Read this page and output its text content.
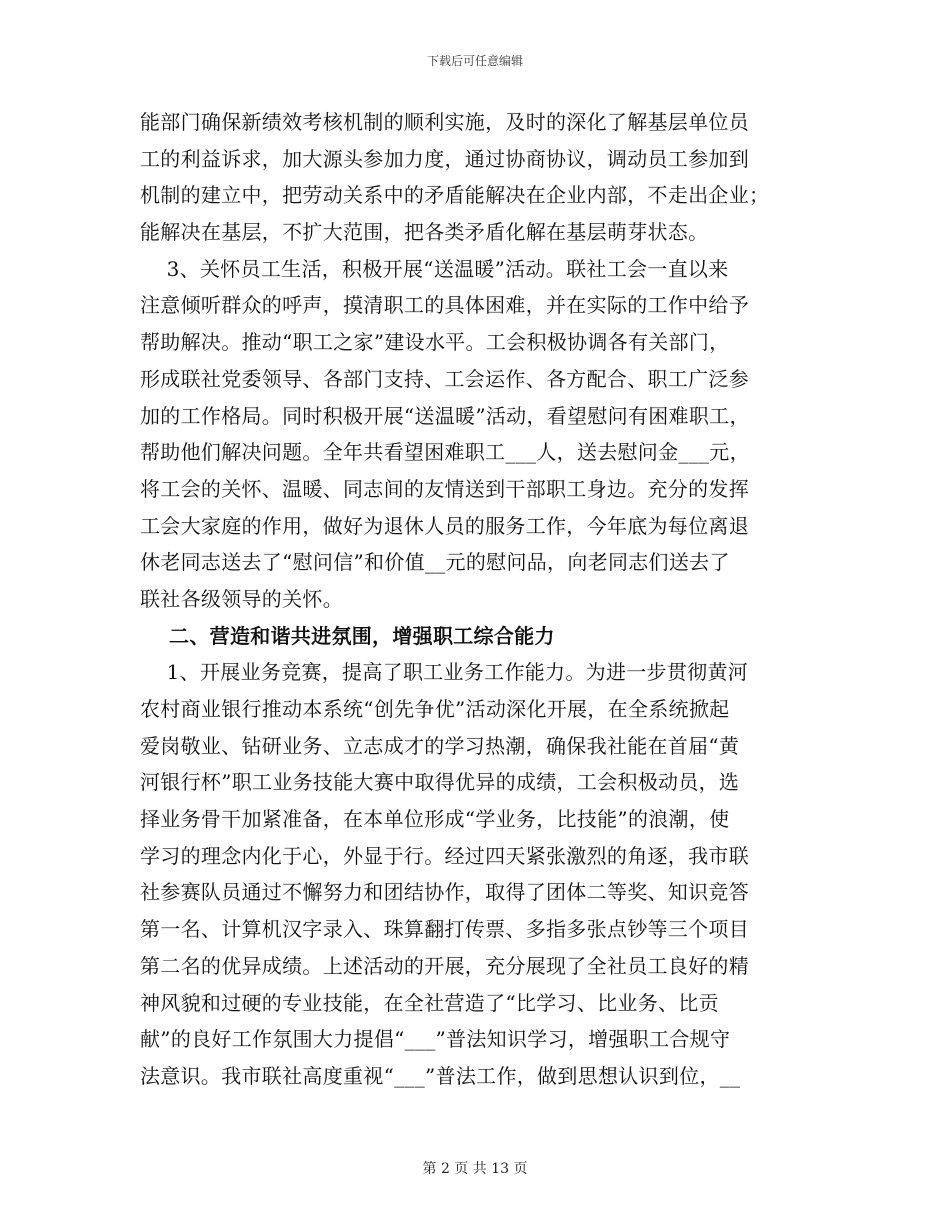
下载后可任意编辑
能部门确保新绩效考核机制的顺利实施，及时的深化了解基层单位员
工的利益诉求，加大源头参加力度，通过协商协议，调动员工参加到
机制的建立中，把劳动关系中的矛盾能解决在企业内部，不走出企业；
能解决在基层，不扩大范围，把各类矛盾化解在基层萌芽状态。
3、关怀员工生活，积极开展“送温暖”活动。联社工会一直以来
注意倾听群众的呼声，摸清职工的具体困难，并在实际的工作中给予
帮助解决。推动“职工之家”建设水平。工会积极协调各有关部门，
形成联社党委领导、各部门支持、工会运作、各方配合、职工广泛参
加的工作格局。同时积极开展“送温暖”活动，看望慰问有困难职工，
帮助他们解决问题。全年共看望困难职工___人，送去慰问金___元，
将工会的关怀、温暖、同志间的友情送到干部职工身边。充分的发挥
工会大家庭的作用，做好为退休人员的服务工作，今年底为每位离退
休老同志送去了“慰问信”和价值__元的慰问品，向老同志们送去了
联社各级领导的关怀。
二、营造和谐共进氛围，增强职工综合能力
1、开展业务竞赛，提高了职工业务工作能力。为进一步贯彻黄河
农村商业银行推动本系统“创先争优”活动深化开展，在全系统掀起
爱岗敬业、钻研业务、立志成才的学习热潮，确保我社能在首届“黄
河银行杯”职工业务技能大赛中取得优异的成绩，工会积极动员，选
择业务骨干加紧准备，在本单位形成“学业务，比技能”的浪潮，使
学习的理念内化于心，外显于行。经过四天紧张激烈的角逐，我市联
社参赛队员通过不懈努力和团结协作，取得了团体二等奖、知识竞答
第一名、计算机汉字录入、珠算翻打传票、多指多张点钞等三个项目
第二名的优异成绩。上述活动的开展，充分展现了全社员工良好的精
神风貌和过硬的专业技能，在全社营造了“比学习、比业务、比贡
献”的良好工作氛围大力提倡“___”普法知识学习，增强职工合规守
法意识。我市联社高度重视“___”普法工作，做到思想认识到位，__
第 2 页 共 13 页
